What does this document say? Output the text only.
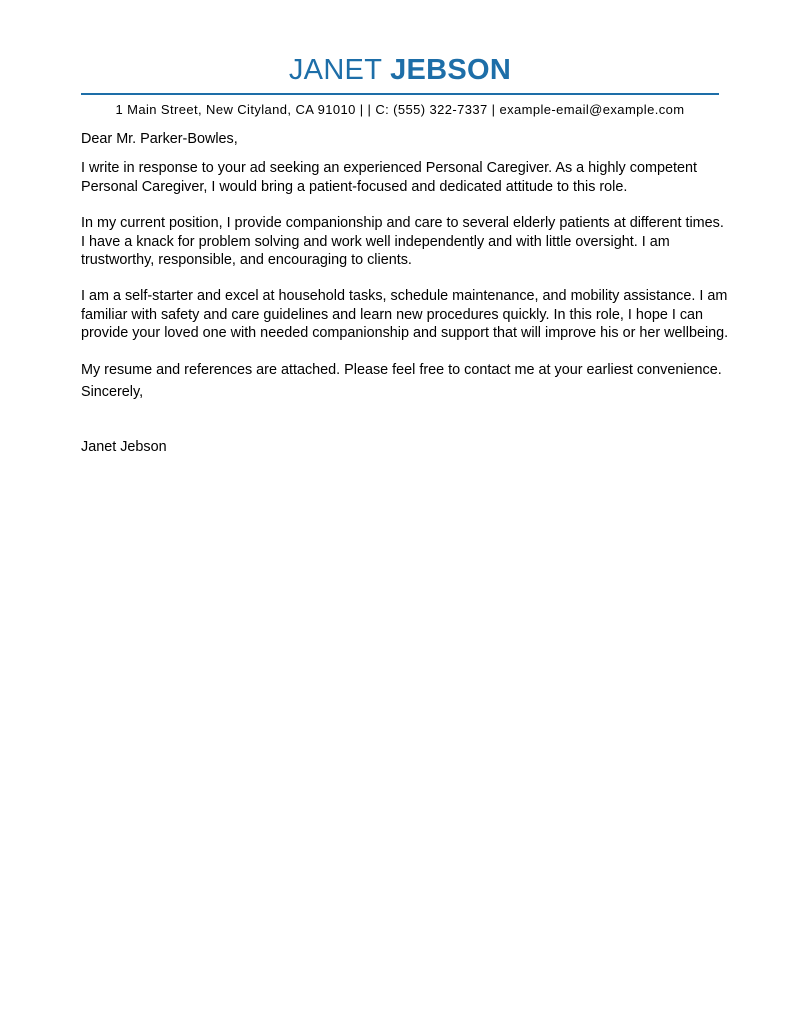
JANET JEBSON
1 Main Street, New Cityland, CA 91010 | | C: (555) 322-7337 | example-email@example.com

Dear Mr. Parker-Bowles,

I write in response to your ad seeking an experienced Personal Caregiver. As a highly competent Personal Caregiver, I would bring a patient-focused and dedicated attitude to this role.

In my current position, I provide companionship and care to several elderly patients at different times. I have a knack for problem solving and work well independently and with little oversight. I am trustworthy, responsible, and encouraging to clients.

I am a self-starter and excel at household tasks, schedule maintenance, and mobility assistance. I am familiar with safety and care guidelines and learn new procedures quickly. In this role, I hope I can provide your loved one with needed companionship and support that will improve his or her wellbeing.

My resume and references are attached. Please feel free to contact me at your earliest convenience.

Sincerely,

Janet Jebson
